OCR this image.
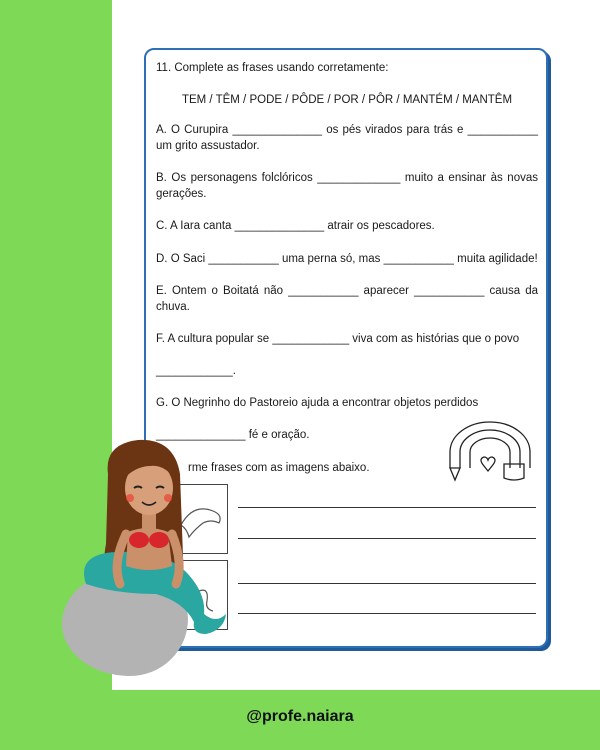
11. Complete as frases usando corretamente:
TEM / TÊM / PODE / PÔDE / POR / PÔR / MANTÉM / MANTÊM
A. O Curupira ______________ os pés virados para trás e ___________ um grito assustador.
B. Os personagens folclóricos _____________ muito a ensinar às novas gerações.
C. A Iara canta ______________ atrair os pescadores.
D. O Saci ___________ uma perna só, mas ___________ muita agilidade!
E. Ontem o Boitatá não ___________ aparecer ___________ causa da chuva.
F. A cultura popular se ____________ viva com as histórias que o povo
____________.
G. O Negrinho do Pastoreio ajuda a encontrar objetos perdidos
______________ fé e oração.
rme frases com as imagens abaixo.
@profe.naiara
